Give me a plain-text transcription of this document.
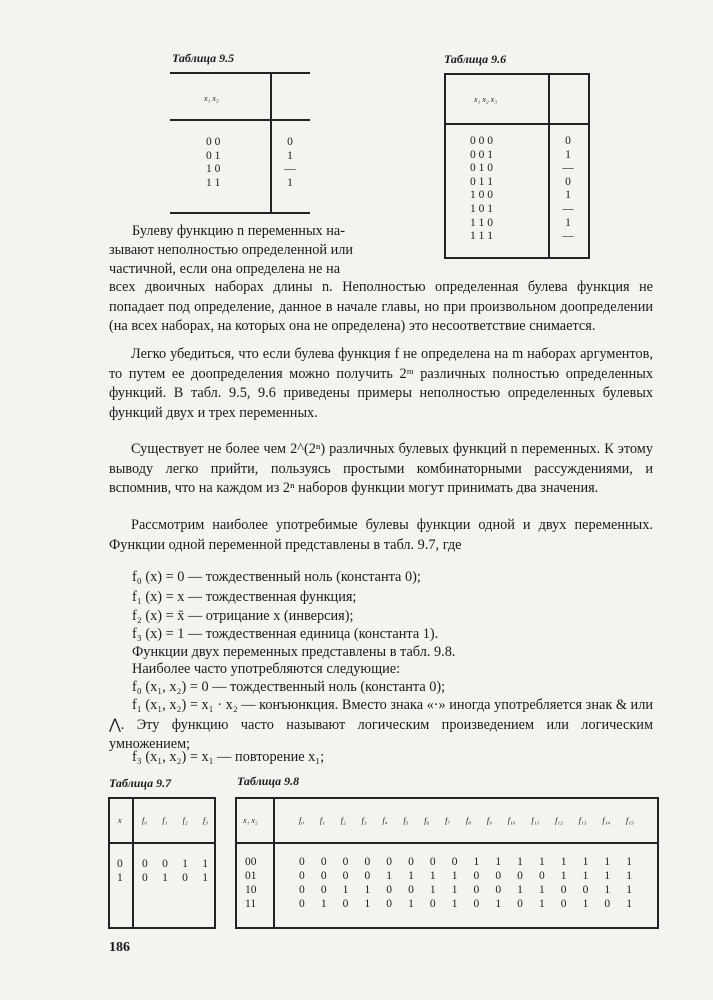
Таблица 9.5
x₁ x₂
0 0
0 1
1 0
1 1
0
1
—
1
Таблица 9.6
x₁ x₂ x₃
0 0 0
0 0 1
0 1 0
0 1 1
1 0 0
1 0 1
1 1 0
1 1 1
0
1
—
0
1
—
1
—
Булеву функцию n переменных на-
зывают неполностью определенной или
частичной, если она определена не на
всех двоичных наборах длины n. Неполностью определенная булева функция не попадает под определение, данное в начале главы, но при произвольном доопределении (на всех наборах, на которых она не определена) это несоответствие снимается.
Легко убедиться, что если булева функция f не определена на m наборах аргументов, то путем ее доопределения можно получить 2ᵐ различных полностью определенных функций. В табл. 9.5, 9.6 приведены примеры неполностью определенных булевых функций двух и трех переменных.
Существует не более чем 2^(2ⁿ) различных булевых функций n переменных. К этому выводу легко прийти, пользуясь простыми комбинаторными рассуждениями, и вспомнив, что на каждом из 2ⁿ наборов функции могут принимать два значения.
Рассмотрим наиболее употребимые булевы функции одной и двух переменных. Функции одной переменной представлены в табл. 9.7, где
f₀ (x) = 0 — тождественный ноль (константа 0);
f₁ (x) = x — тождественная функция;
f₂ (x) = x̄ — отрицание x (инверсия);
f₃ (x) = 1 — тождественная единица (константа 1).
Функции двух переменных представлены в табл. 9.8.
Наиболее часто употребляются следующие:
f₀ (x₁, x₂) = 0 — тождественный ноль (константа 0);
f₁ (x₁, x₂) = x₁ · x₂ — конъюнкция. Вместо знака «·» иногда употребляется знак & или ⋀. Эту функцию часто называют логическим произведением или логическим умножением;
f₃ (x₁, x₂) = x₁ — повторение x₁;
Таблица 9.7
x	f₀ f₁ f₂ f₃
0
1
0 0 1 1
0 1 0 1
Таблица 9.8
x₁ x₂	f₀ f₁ f₂ f₃ f₄ f₅ f₆ f₇ f₈ f₉ f₁₀ f₁₁ f₁₂ f₁₃ f₁₄ f₁₅
00
01
10
11
0 0 0 0 0 0 0 0 1 1 1 1 1 1 1 1
0 0 0 0 1 1 1 1 0 0 0 0 1 1 1 1
0 0 1 1 0 0 1 1 0 0 1 1 0 0 1 1
0 1 0 1 0 1 0 1 0 1 0 1 0 1 0 1
186
